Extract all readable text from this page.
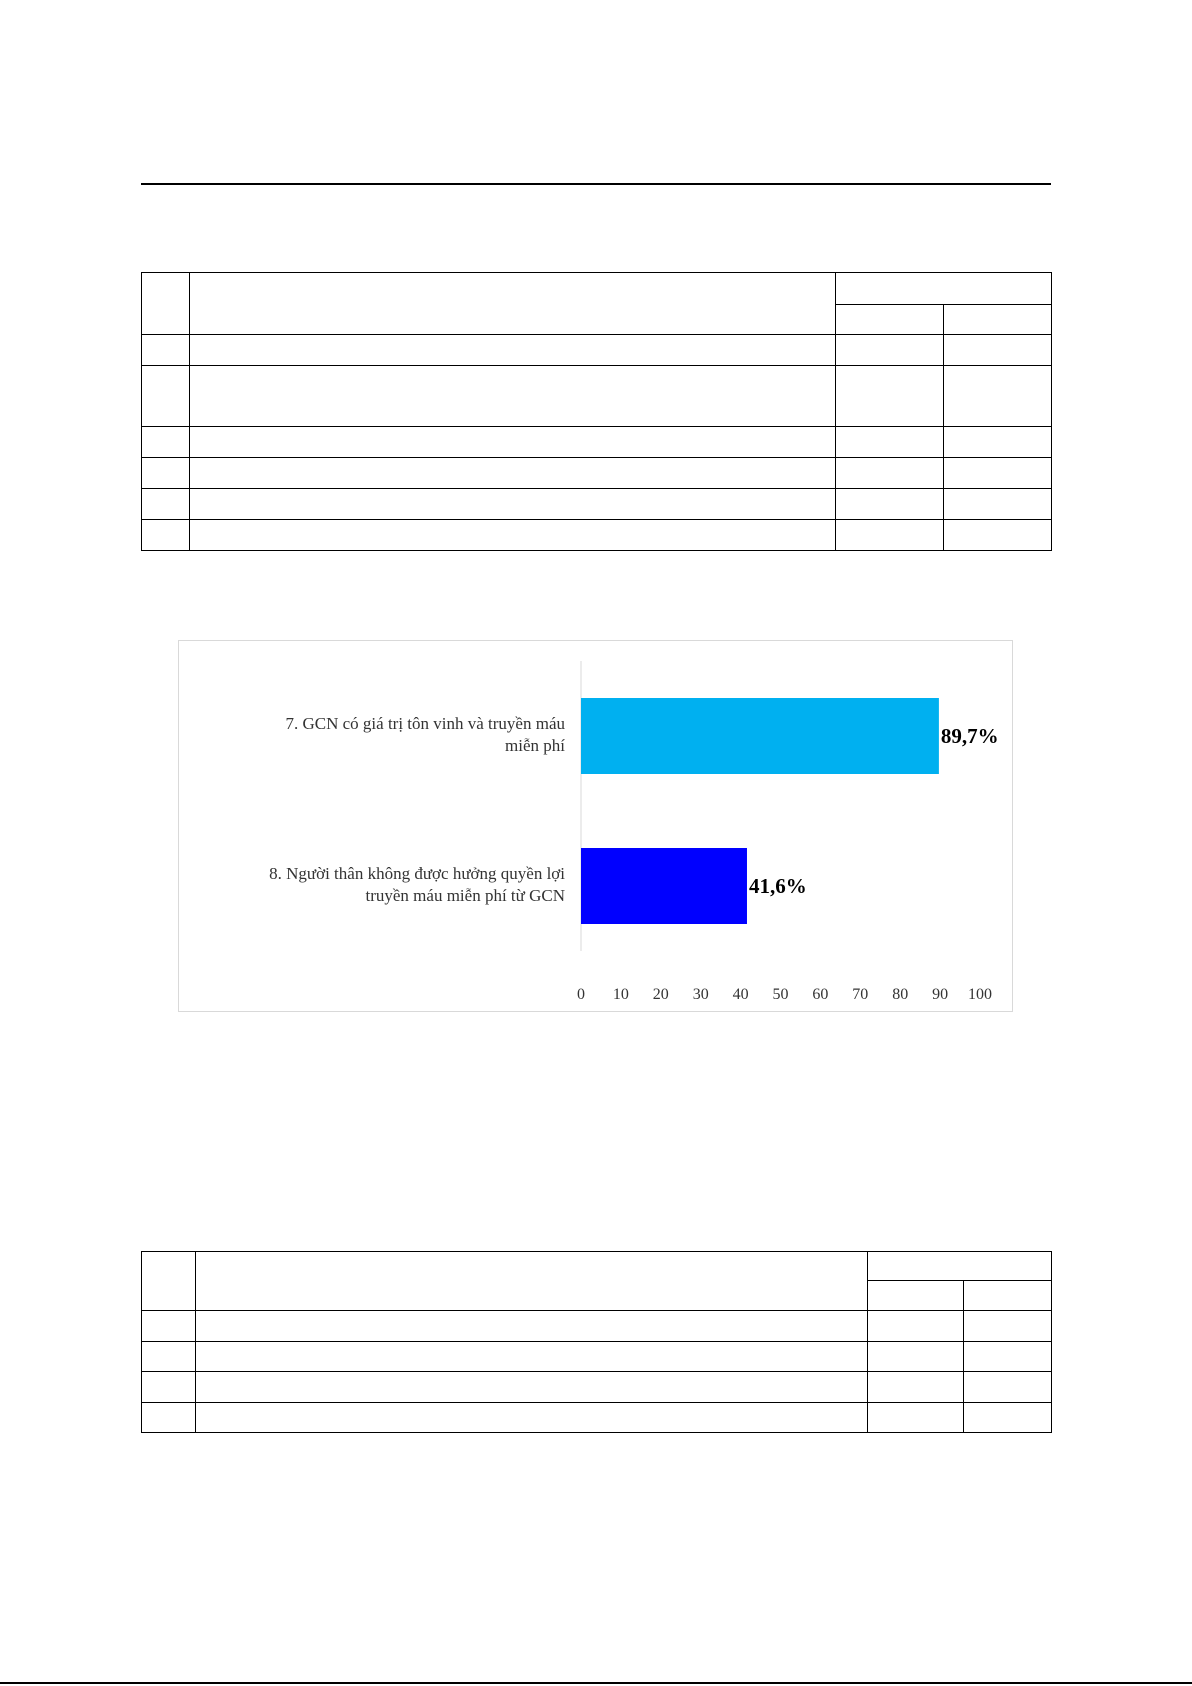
89,7%
7. GCN có giá trị tôn vinh và truyền máu
miễn phí
41,6%
8. Người thân không được hưởng quyền lợi
truyền máu miễn phí từ GCN
0 10 20 30 40 50 60 70 80 90 100
